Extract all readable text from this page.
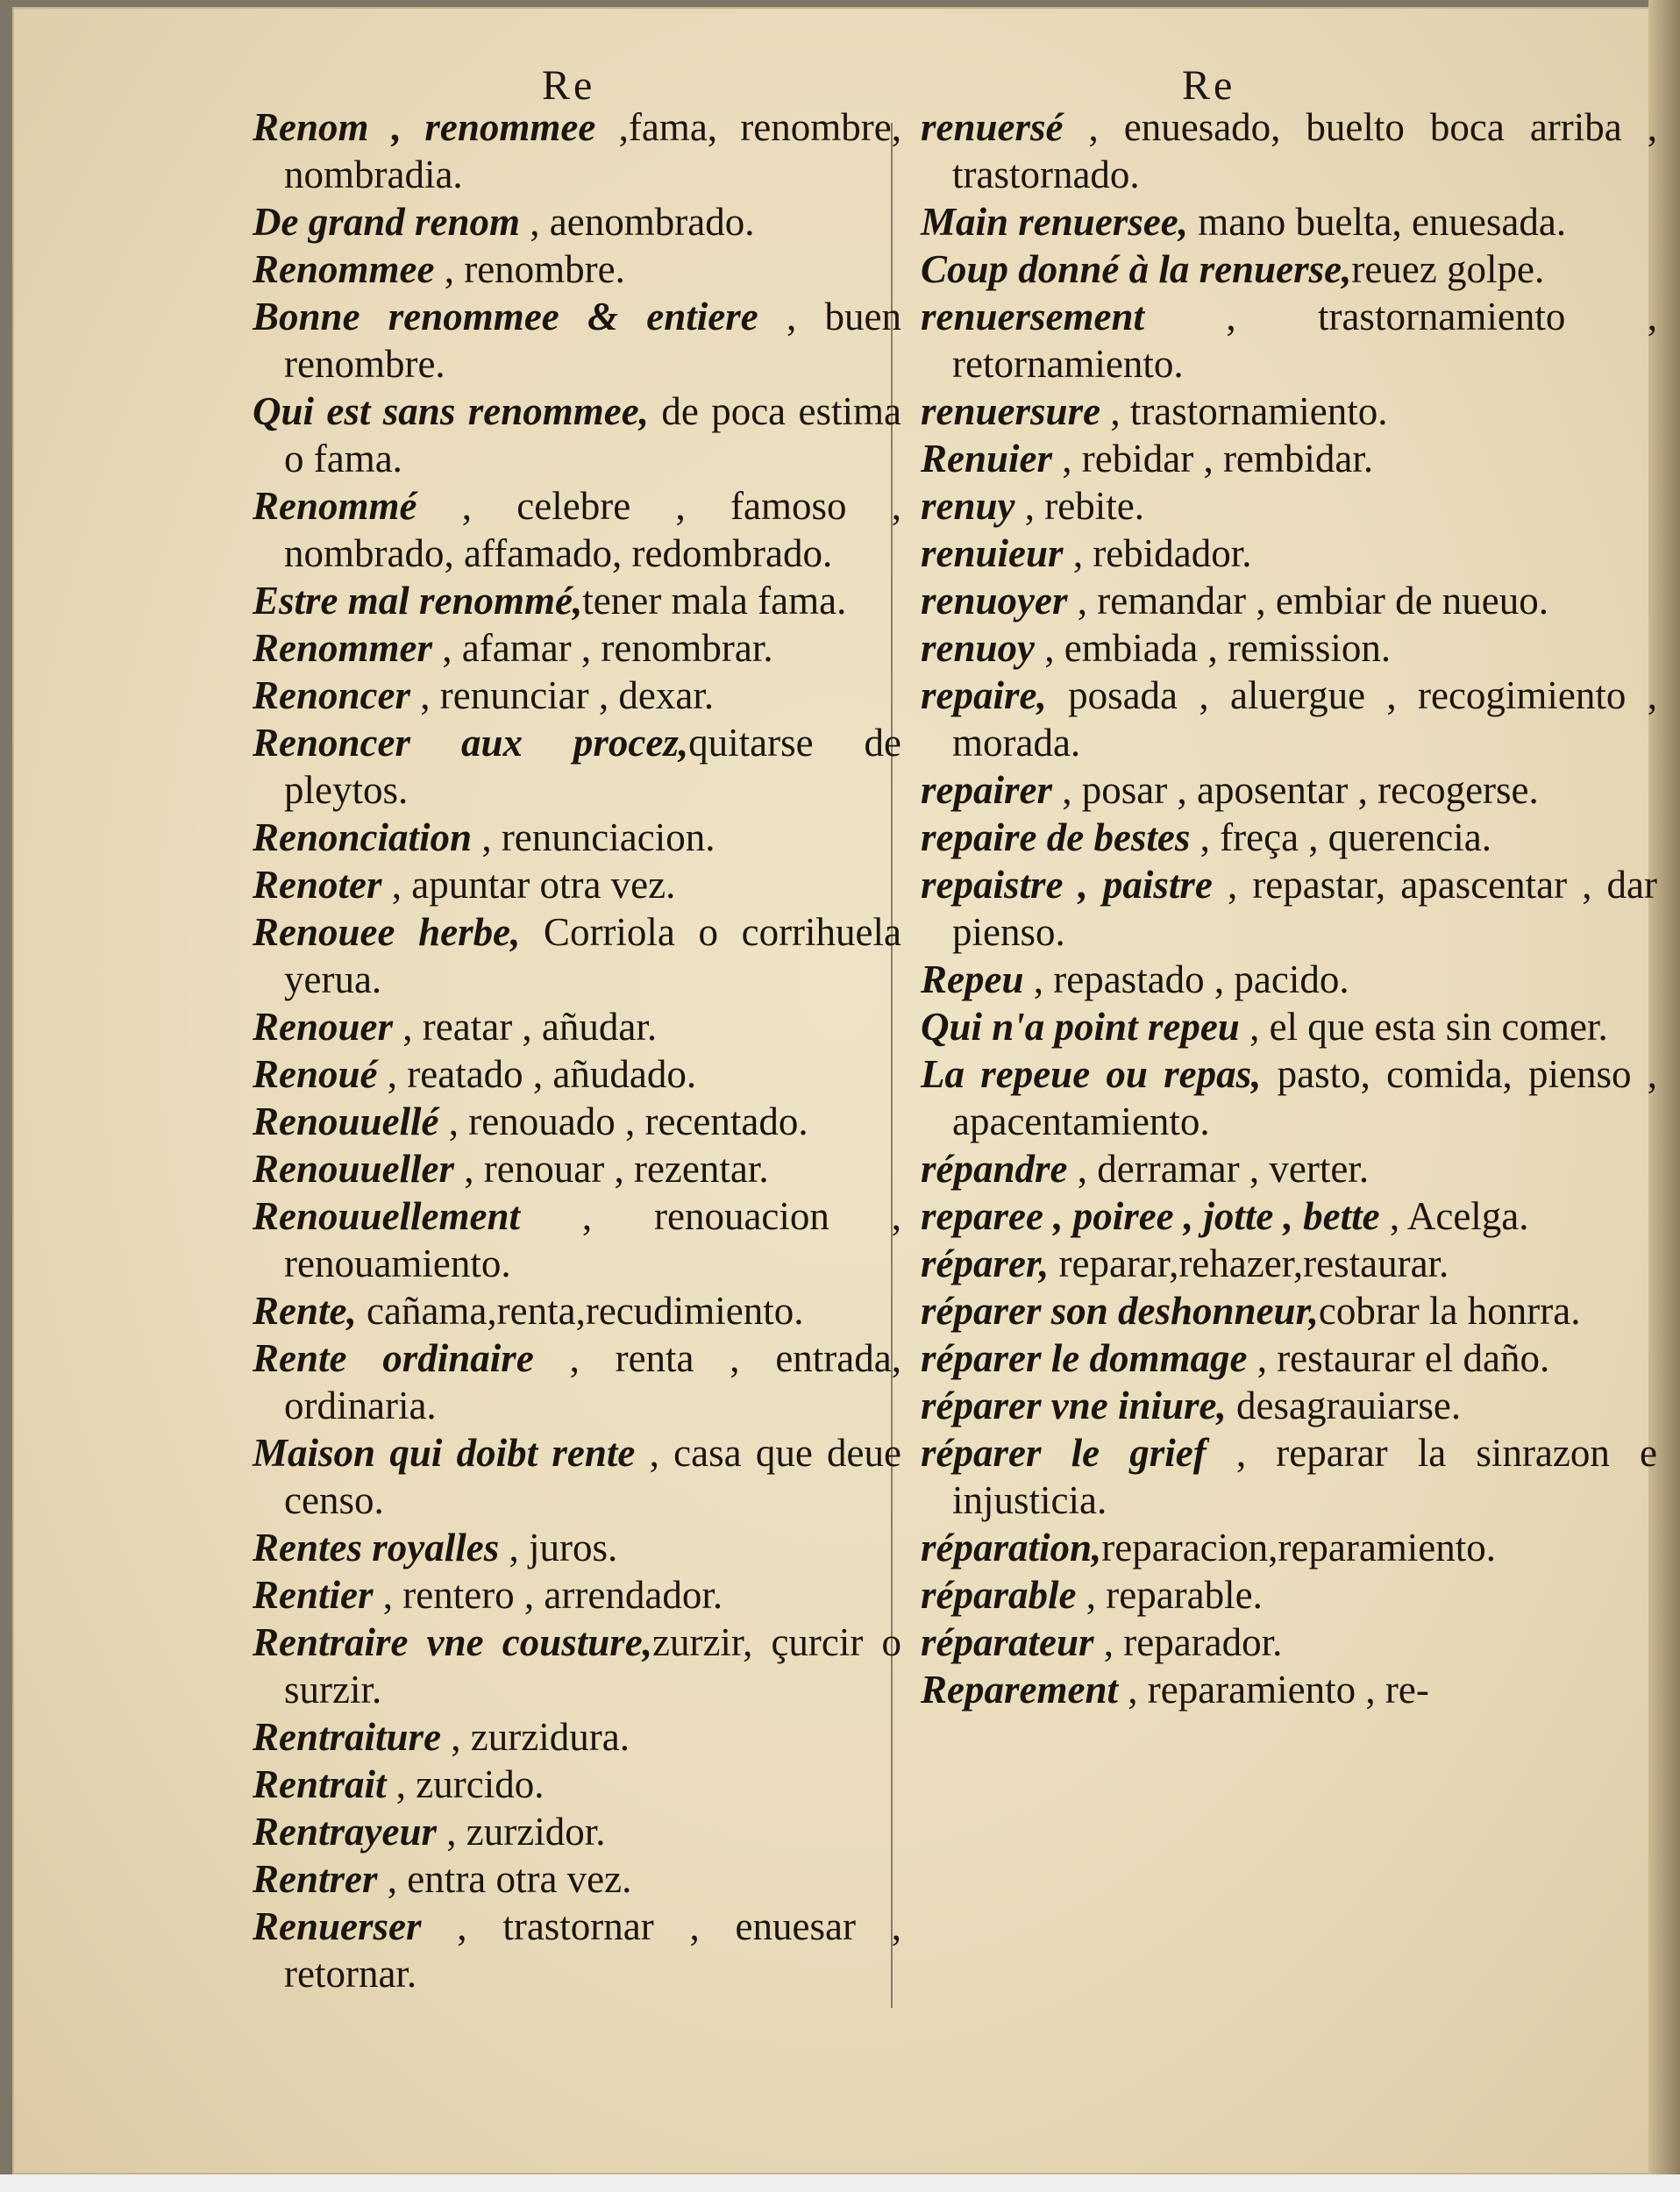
Re
Renom , renommee ,fama, renombre, nombradia.
De grand renom , aenombrado.
Renommee , renombre.
Bonne renommee & entiere , buen renombre.
Qui est sans renommee, de poca estima o fama.
Renommé , celebre , famoso , nombrado, affamado, redombrado.
Estre mal renommé,tener mala fama.
Renommer , afamar , renombrar.
Renoncer , renunciar , dexar.
Renoncer aux procez,quitarse de pleytos.
Renonciation , renunciacion.
Renoter , apuntar otra vez.
Renouee herbe, Corriola o corrihuela yerua.
Renouer , reatar , añudar.
Renoué , reatado , añudado.
Renouuellé , renouado , recentado.
Renouueller , renouar , rezentar.
Renouuellement , renouacion , renouamiento.
Rente, cañama,renta,recudimiento.
Rente ordinaire , renta , entrada, ordinaria.
Maison qui doibt rente , casa que deue censo.
Rentes royalles , juros.
Rentier , rentero , arrendador.
Rentraire vne cousture,zurzir, çurcir o surzir.
Rentraiture , zurzidura.
Rentrait , zurcido.
Rentrayeur , zurzidor.
Rentrer , entra otra vez.
Renuerser , trastornar , enuesar , retornar.
Re
renuersé , enuesado, buelto boca arriba , trastornado.
Main renuersee, mano buelta, enuesada.
Coup donné à la renuerse,reuez golpe.
renuersement , trastornamiento , retornamiento.
renuersure , trastornamiento.
Renuier , rebidar , rembidar.
renuy , rebite.
renuieur , rebidador.
renuoyer , remandar , embiar de nueuo.
renuoy , embiada , remission.
repaire, posada , aluergue , recogimiento , morada.
repairer , posar , aposentar , recogerse.
repaire de bestes , freça , querencia.
repaistre , paistre , repastar, apascentar , dar pienso.
Repeu , repastado , pacido.
Qui n'a point repeu , el que esta sin comer.
La repeue ou repas, pasto, comida, pienso , apacentamiento.
répandre , derramar , verter.
reparee , poiree , jotte , bette , Acelga.
réparer, reparar,rehazer,restaurar.
réparer son deshonneur,cobrar la honrra.
réparer le dommage , restaurar el daño.
réparer vne iniure, desagrauiarse.
réparer le grief , reparar la sinrazon e injusticia.
réparation,reparacion,reparamiento.
réparable , reparable.
réparateur , reparador.
Reparement , reparamiento , re-
